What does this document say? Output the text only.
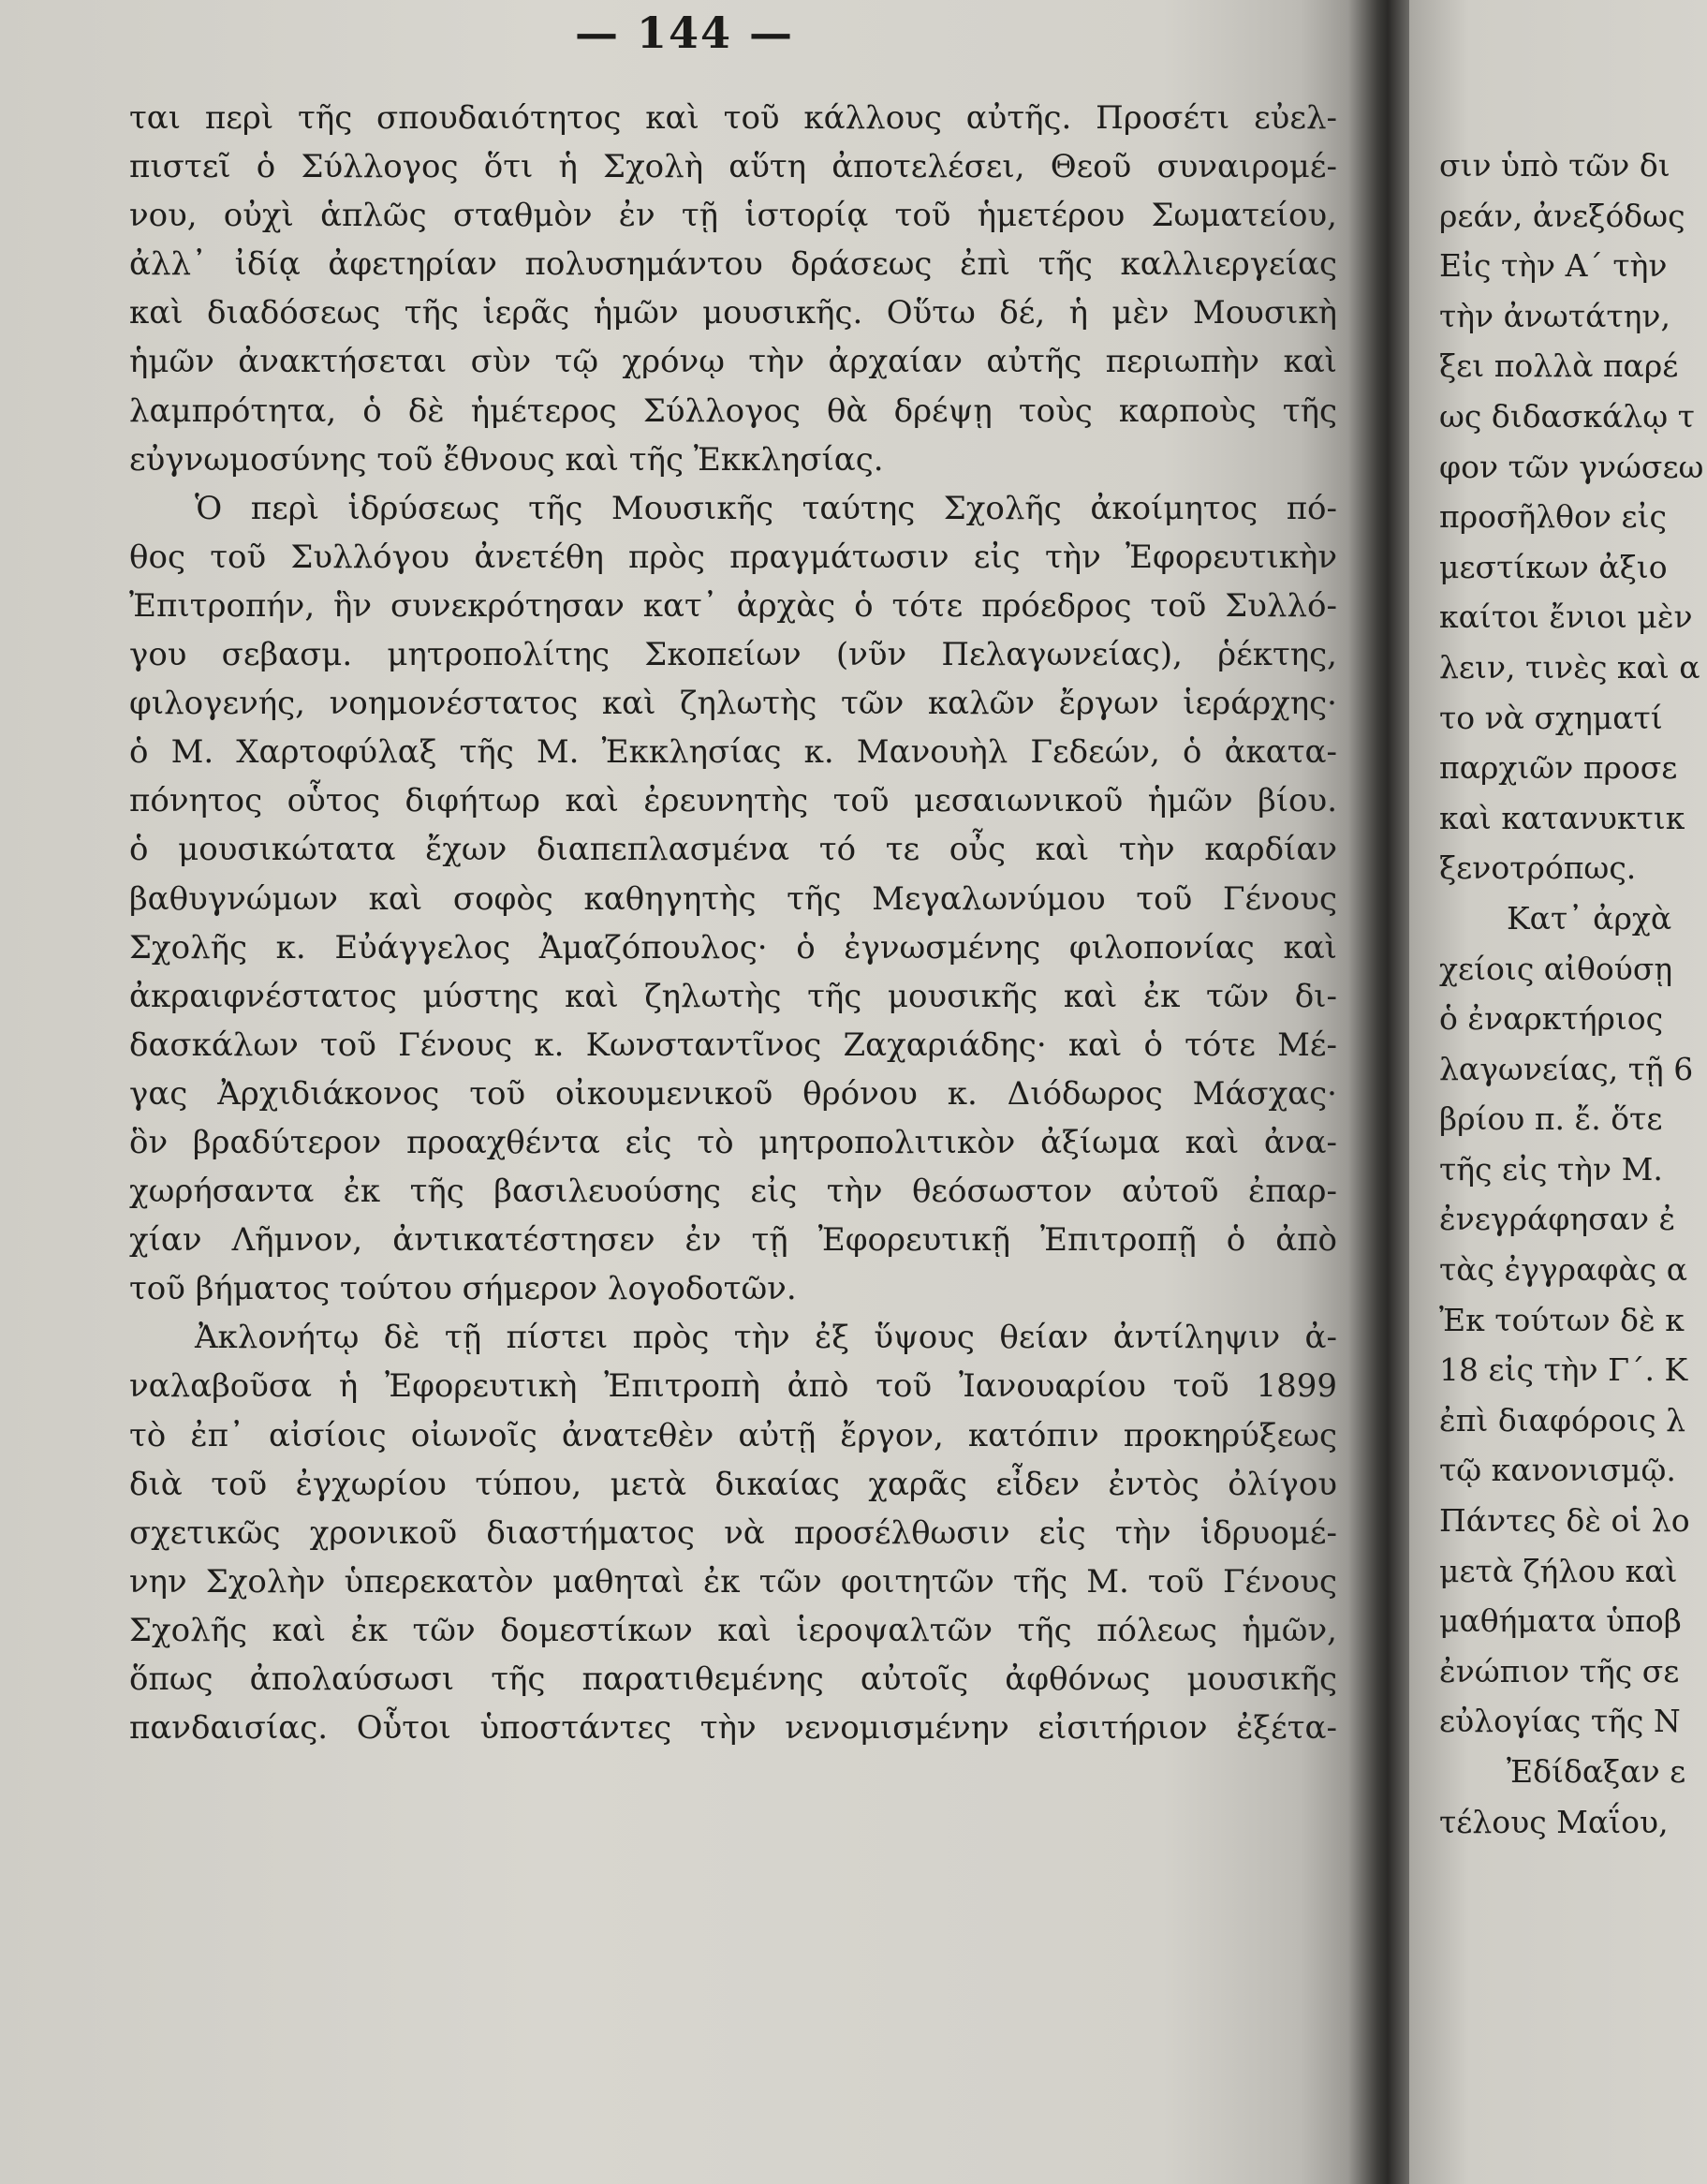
— 144 —
ται περὶ τῆς σπουδαιότητος καὶ τοῦ κάλλους αὐτῆς. Προσέτι εὐελ-
πιστεῖ ὁ Σύλλογος ὅτι ἡ Σχολὴ αὕτη ἀποτελέσει, Θεοῦ συναιρομέ-
νου, οὐχὶ ἁπλῶς σταθμὸν ἐν τῇ ἱστορίᾳ τοῦ ἡμετέρου Σωματείου,
ἀλλ᾽ ἰδίᾳ ἀφετηρίαν πολυσημάντου δράσεως ἐπὶ τῆς καλλιεργείας
καὶ διαδόσεως τῆς ἱερᾶς ἡμῶν μουσικῆς. Οὕτω δέ, ἡ μὲν Μουσικὴ
ἡμῶν ἀνακτήσεται σὺν τῷ χρόνῳ τὴν ἀρχαίαν αὐτῆς περιωπὴν καὶ
λαμπρότητα, ὁ δὲ ἡμέτερος Σύλλογος θὰ δρέψῃ τοὺς καρποὺς τῆς
εὐγνωμοσύνης τοῦ ἔθνους καὶ τῆς Ἐκκλησίας.
Ὁ περὶ ἱδρύσεως τῆς Μουσικῆς ταύτης Σχολῆς ἀκοίμητος πό-
θος τοῦ Συλλόγου ἀνετέθη πρὸς πραγμάτωσιν εἰς τὴν Ἐφορευτικὴν
Ἐπιτροπήν, ἣν συνεκρότησαν κατ᾽ ἀρχὰς ὁ τότε πρόεδρος τοῦ Συλλό-
γου σεβασμ. μητροπολίτης Σκοπείων (νῦν Πελαγωνείας), ῥέκτης,
φιλογενής, νοημονέστατος καὶ ζηλωτὴς τῶν καλῶν ἔργων ἱεράρχης·
ὁ Μ. Χαρτοφύλαξ τῆς Μ. Ἐκκλησίας κ. Μανουὴλ Γεδεών, ὁ ἀκατα-
πόνητος οὗτος διφήτωρ καὶ ἐρευνητὴς τοῦ μεσαιωνικοῦ ἡμῶν βίου.
ὁ μουσικώτατα ἔχων διαπεπλασμένα τό τε οὖς καὶ τὴν καρδίαν
βαθυγνώμων καὶ σοφὸς καθηγητὴς τῆς Μεγαλωνύμου τοῦ Γένους
Σχολῆς κ. Εὐάγγελος Ἀμαζόπουλος· ὁ ἐγνωσμένης φιλοπονίας καὶ
ἀκραιφνέστατος μύστης καὶ ζηλωτὴς τῆς μουσικῆς καὶ ἐκ τῶν δι-
δασκάλων τοῦ Γένους κ. Κωνσταντῖνος Ζαχαριάδης· καὶ ὁ τότε Μέ-
γας Ἀρχιδιάκονος τοῦ οἰκουμενικοῦ θρόνου κ. Διόδωρος Μάσχας·
ὃν βραδύτερον προαχθέντα εἰς τὸ μητροπολιτικὸν ἀξίωμα καὶ ἀνα-
χωρήσαντα ἐκ τῆς βασιλευούσης εἰς τὴν θεόσωστον αὐτοῦ ἐπαρ-
χίαν Λῆμνον, ἀντικατέστησεν ἐν τῇ Ἐφορευτικῇ Ἐπιτροπῇ ὁ ἀπὸ
τοῦ βήματος τούτου σήμερον λογοδοτῶν.
Ἀκλονήτῳ δὲ τῇ πίστει πρὸς τὴν ἐξ ὕψους θείαν ἀντίληψιν ἀ-
ναλαβοῦσα ἡ Ἐφορευτικὴ Ἐπιτροπὴ ἀπὸ τοῦ Ἰανουαρίου τοῦ 1899
τὸ ἐπ᾽ αἰσίοις οἰωνοῖς ἀνατεθὲν αὐτῇ ἔργον, κατόπιν προκηρύξεως
διὰ τοῦ ἐγχωρίου τύπου, μετὰ δικαίας χαρᾶς εἶδεν ἐντὸς ὀλίγου
σχετικῶς χρονικοῦ διαστήματος νὰ προσέλθωσιν εἰς τὴν ἱδρυομέ-
νην Σχολὴν ὑπερεκατὸν μαθηταὶ ἐκ τῶν φοιτητῶν τῆς Μ. τοῦ Γένους
Σχολῆς καὶ ἐκ τῶν δομεστίκων καὶ ἱεροψαλτῶν τῆς πόλεως ἡμῶν,
ὅπως ἀπολαύσωσι τῆς παρατιθεμένης αὐτοῖς ἀφθόνως μουσικῆς
πανδαισίας. Οὗτοι ὑποστάντες τὴν νενομισμένην εἰσιτήριον ἐξέτα-
σιν ὑπὸ τῶν δι
ρεάν, ἀνεξόδως
Εἰς τὴν Α΄ τὴν
τὴν ἀνωτάτην,
ξει πολλὰ παρέ
ως διδασκάλῳ τ
φον τῶν γνώσεω
προσῆλθον εἰς
μεστίκων ἀξιο
καίτοι ἔνιοι μὲν
λειν, τινὲς καὶ α
το νὰ σχηματί
παρχιῶν προσε
καὶ κατανυκτικ
ξενοτρόπως.
Κατ᾽ ἀρχὰ
χείοις αἰθούσῃ
ὁ ἐναρκτήριος
λαγωνείας, τῇ 6
βρίου π. ἔ. ὅτε
τῆς εἰς τὴν Μ.
ἐνεγράφησαν ἐ
τὰς ἐγγραφὰς α
Ἐκ τούτων δὲ κ
18 εἰς τὴν Γ΄. Κ
ἐπὶ διαφόροις λ
τῷ κανονισμῷ.
Πάντες δὲ οἱ λο
μετὰ ζήλου καὶ
μαθήματα ὑποβ
ἐνώπιον τῆς σε
εὐλογίας τῆς Ν
Ἐδίδαξαν ε
τέλους Μαΐου,
